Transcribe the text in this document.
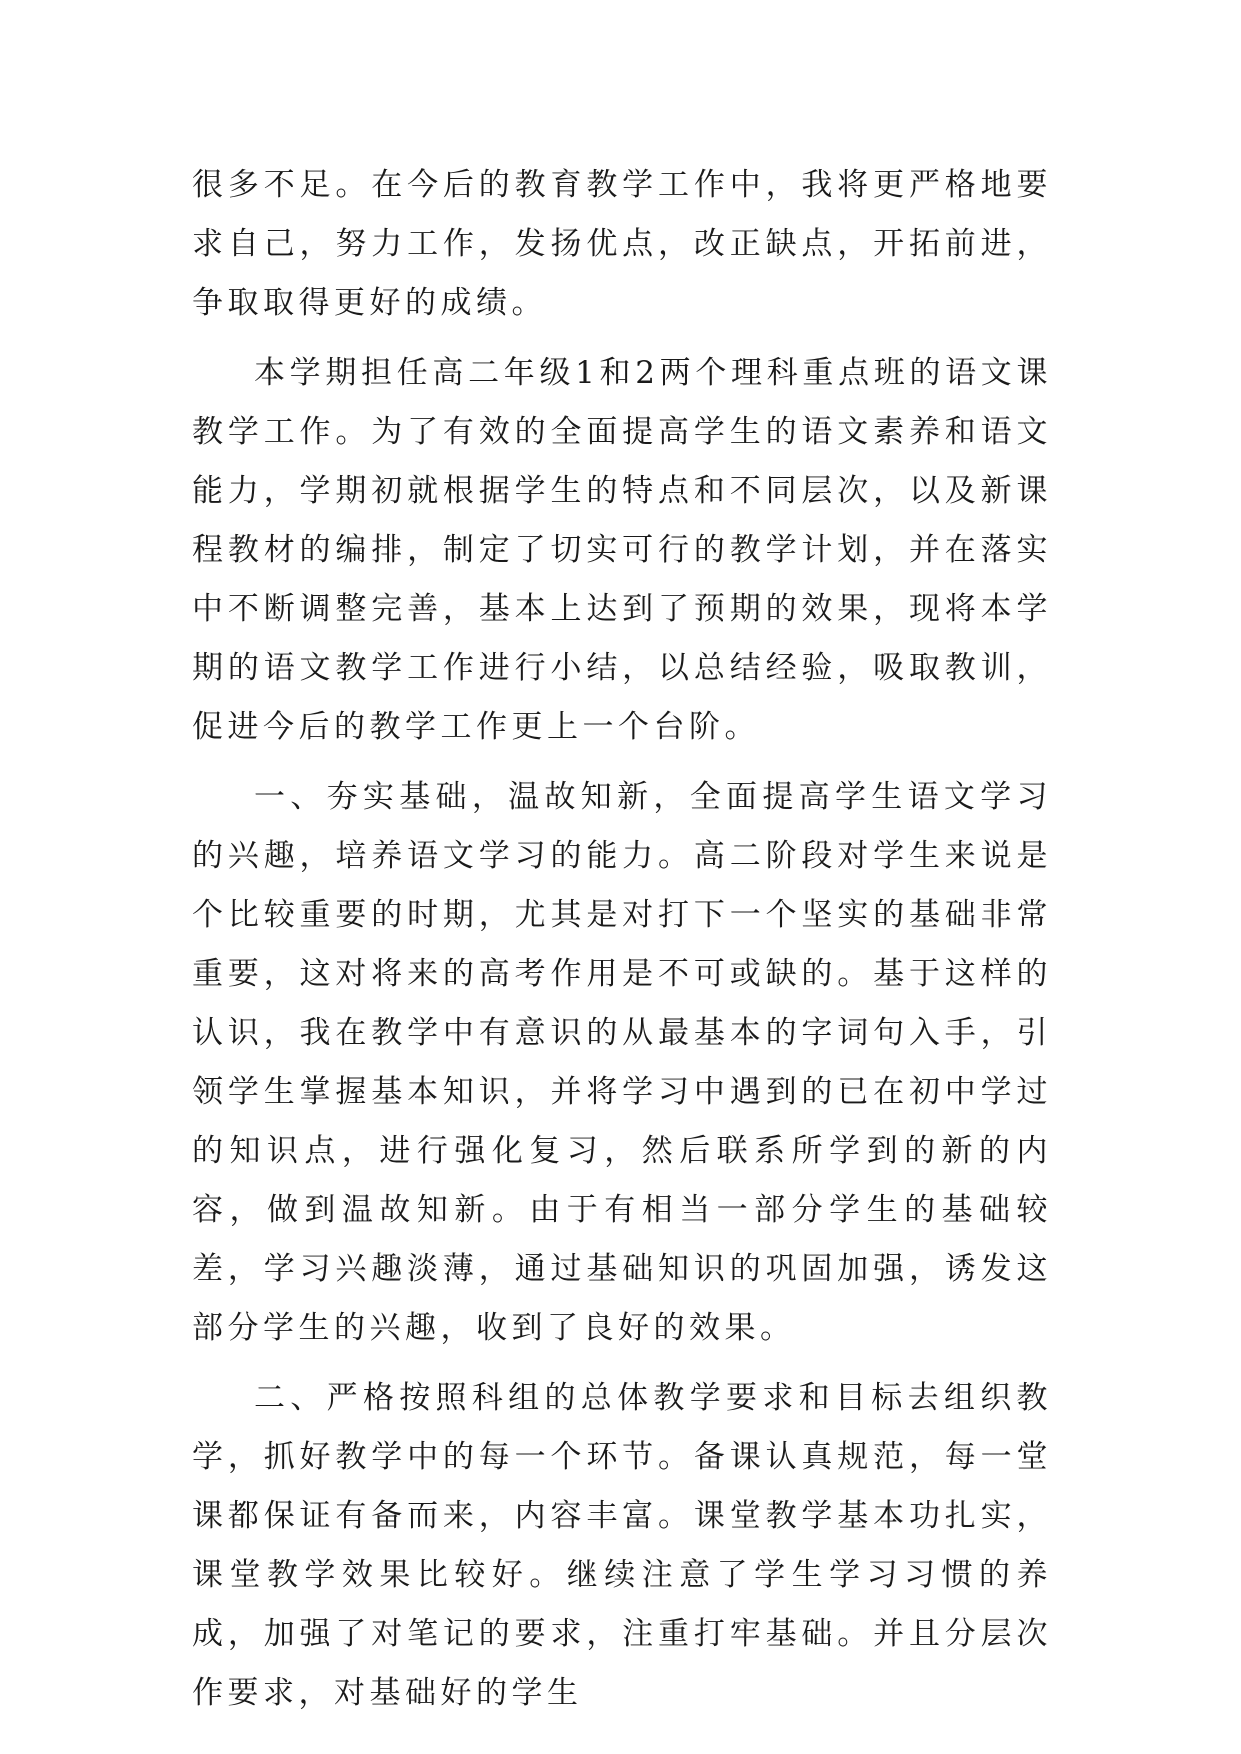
很多不足。在今后的教育教学工作中，我将更严格地要求自己，努力工作，发扬优点，改正缺点，开拓前进，争取取得更好的成绩。

本学期担任高二年级1和2两个理科重点班的语文课教学工作。为了有效的全面提高学生的语文素养和语文能力，学期初就根据学生的特点和不同层次，以及新课程教材的编排，制定了切实可行的教学计划，并在落实中不断调整完善，基本上达到了预期的效果，现将本学期的语文教学工作进行小结，以总结经验，吸取教训，促进今后的教学工作更上一个台阶。

一、夯实基础，温故知新，全面提高学生语文学习的兴趣，培养语文学习的能力。高二阶段对学生来说是个比较重要的时期，尤其是对打下一个坚实的基础非常重要，这对将来的高考作用是不可或缺的。基于这样的认识，我在教学中有意识的从最基本的字词句入手，引领学生掌握基本知识，并将学习中遇到的已在初中学过的知识点，进行强化复习，然后联系所学到的新的内容，做到温故知新。由于有相当一部分学生的基础较差，学习兴趣淡薄，通过基础知识的巩固加强，诱发这部分学生的兴趣，收到了良好的效果。

二、严格按照科组的总体教学要求和目标去组织教学，抓好教学中的每一个环节。备课认真规范，每一堂课都保证有备而来，内容丰富。课堂教学基本功扎实，课堂教学效果比较好。继续注意了学生学习习惯的养成，加强了对笔记的要求，注重打牢基础。并且分层次作要求，对基础好的学生
